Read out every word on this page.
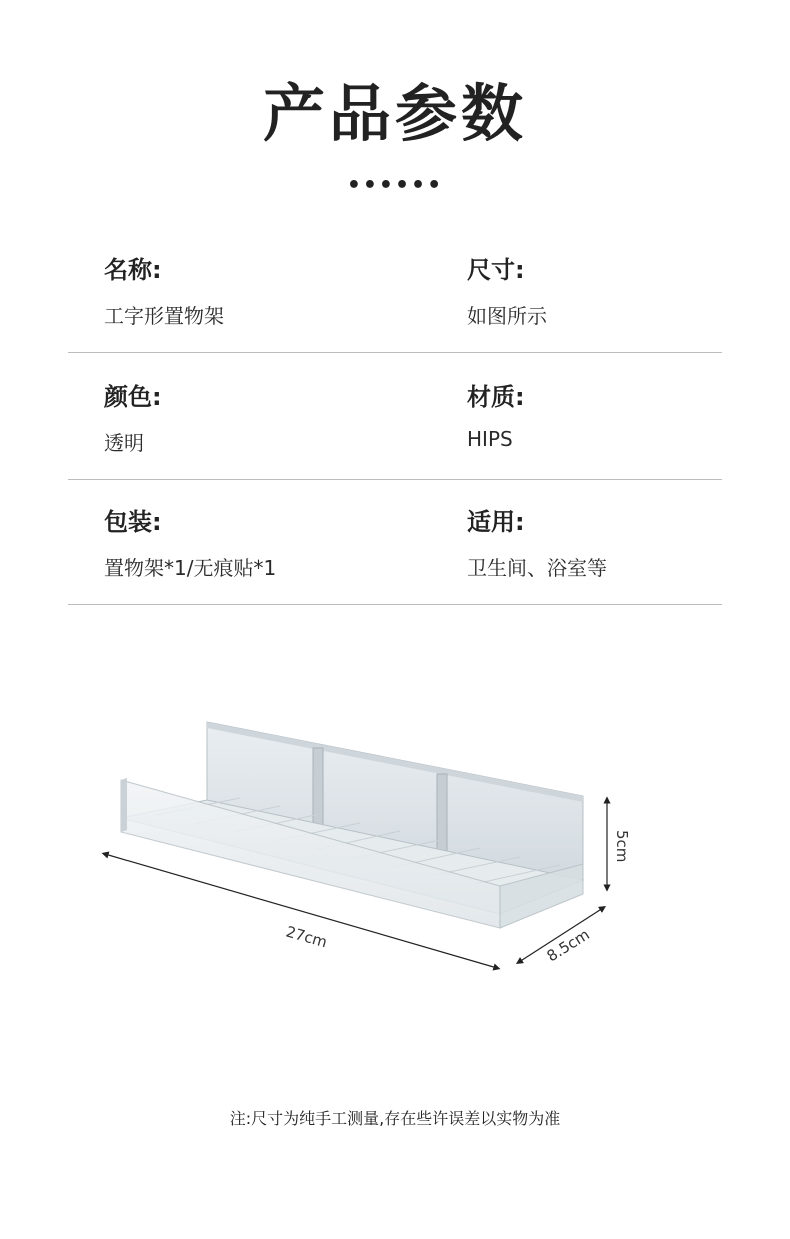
产品参数
••••••
名称:
工字形置物架
尺寸:
如图所示
颜色:
透明
材质:
HIPS
包装:
置物架*1/无痕贴*1
适用:
卫生间、浴室等
27cm	8.5cm
5cm
注:尺寸为纯手工测量,存在些许误差以实物为准
